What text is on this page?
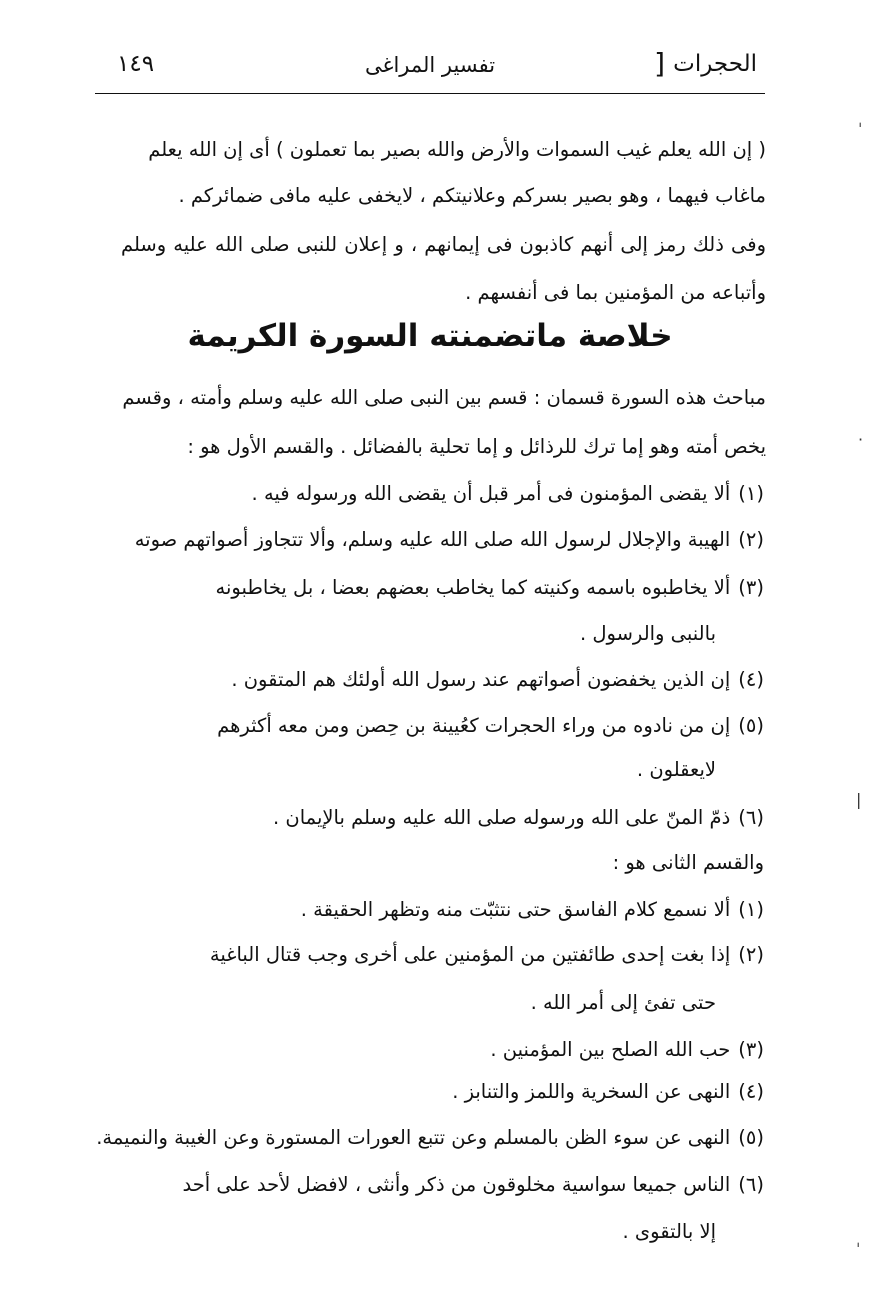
الحجرات
]
تفسير المراغى
١٤٩
( إن الله يعلم غيب السموات والأرض والله بصير بما تعملون ) أى إن الله يعلم
ماغاب فيهما ، وهو بصير بسركم وعلانيتكم ، لايخفى عليه مافى ضمائركم .
وفى ذلك رمز إلى أنهم كاذبون فى إيمانهم ، و إعلان للنبى صلى الله عليه وسلم
وأتباعه من المؤمنين بما فى أنفسهم .
خلاصة ماتضمنته السورة الكريمة
مباحث هذه السورة قسمان : قسم بين النبى صلى الله عليه وسلم وأمته ، وقسم
يخص أمته وهو إما ترك للرذائل و إما تحلية بالفضائل . والقسم الأول هو :
(١)ألا يقضى المؤمنون فى أمر قبل أن يقضى الله ورسوله فيه .
(٢)الهيبة والإجلال لرسول الله صلى الله عليه وسلم، وألا تتجاوز أصواتهم صوته
(٣)ألا يخاطبوه باسمه وكنيته كما يخاطب بعضهم بعضا ، بل يخاطبونه
بالنبى والرسول .
(٤)إن الذين يخفضون أصواتهم عند رسول الله أولئك هم المتقون .
(٥)إن من نادوه من وراء الحجرات كعُيينة بن حِصن ومن معه أكثرهم
لايعقلون .
(٦)ذمّ المنّ على الله ورسوله صلى الله عليه وسلم بالإيمان .
والقسم الثانى هو :
(١)ألا نسمع كلام الفاسق حتى نتثبّت منه وتظهر الحقيقة .
(٢)إذا بغت إحدى طائفتين من المؤمنين على أخرى وجب قتال الباغية
حتى تفئ إلى أمر الله .
(٣)حب الله الصلح بين المؤمنين .
(٤)النهى عن السخرية واللمز والتنابز .
(٥)النهى عن سوء الظن بالمسلم وعن تتبع العورات المستورة وعن الغيبة والنميمة.
(٦)الناس جميعا سواسية مخلوقون من ذكر وأنثى ، لافضل لأحد على أحد
إلا بالتقوى .
ˈ
·
|
ˈ
